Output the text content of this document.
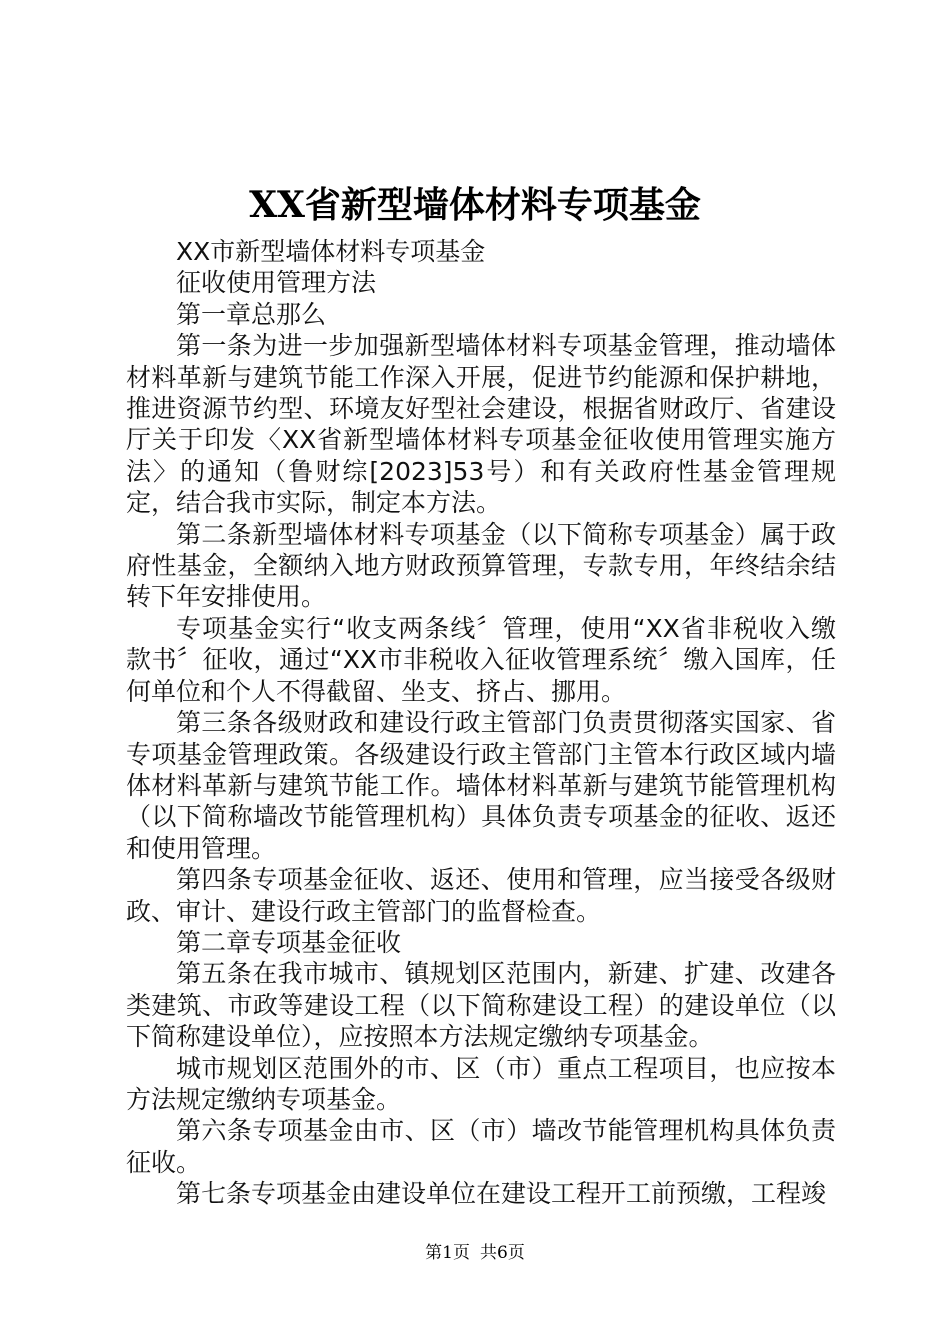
XX省新型墙体材料专项基金

XX市新型墙体材料专项基金

征收使用管理方法

第一章总那么

第一条为进一步加强新型墙体材料专项基金管理，推动墙体材料革新与建筑节能工作深入开展，促进节约能源和保护耕地，推进资源节约型、环境友好型社会建设，根据省财政厅、省建设厅关于印发〈XX省新型墙体材料专项基金征收使用管理实施方法〉的通知（鲁财综[2023]53号）和有关政府性基金管理规定，结合我市实际，制定本方法。

第二条新型墙体材料专项基金（以下简称专项基金）属于政府性基金，全额纳入地方财政预算管理，专款专用，年终结余结转下年安排使用。

专项基金实行“收支两条线〞管理，使用“XX省非税收入缴款书〞征收，通过“XX市非税收入征收管理系统〞缴入国库，任何单位和个人不得截留、坐支、挤占、挪用。

第三条各级财政和建设行政主管部门负责贯彻落实国家、省专项基金管理政策。各级建设行政主管部门主管本行政区域内墙体材料革新与建筑节能工作。墙体材料革新与建筑节能管理机构（以下简称墙改节能管理机构）具体负责专项基金的征收、返还和使用管理。

第四条专项基金征收、返还、使用和管理，应当接受各级财政、审计、建设行政主管部门的监督检查。

第二章专项基金征收

第五条在我市城市、镇规划区范围内，新建、扩建、改建各类建筑、市政等建设工程（以下简称建设工程）的建设单位（以下简称建设单位），应按照本方法规定缴纳专项基金。

城市规划区范围外的市、区（市）重点工程项目，也应按本方法规定缴纳专项基金。

第六条专项基金由市、区（市）墙改节能管理机构具体负责征收。

第七条专项基金由建设单位在建设工程开工前预缴，工程竣

第1页 共6页
